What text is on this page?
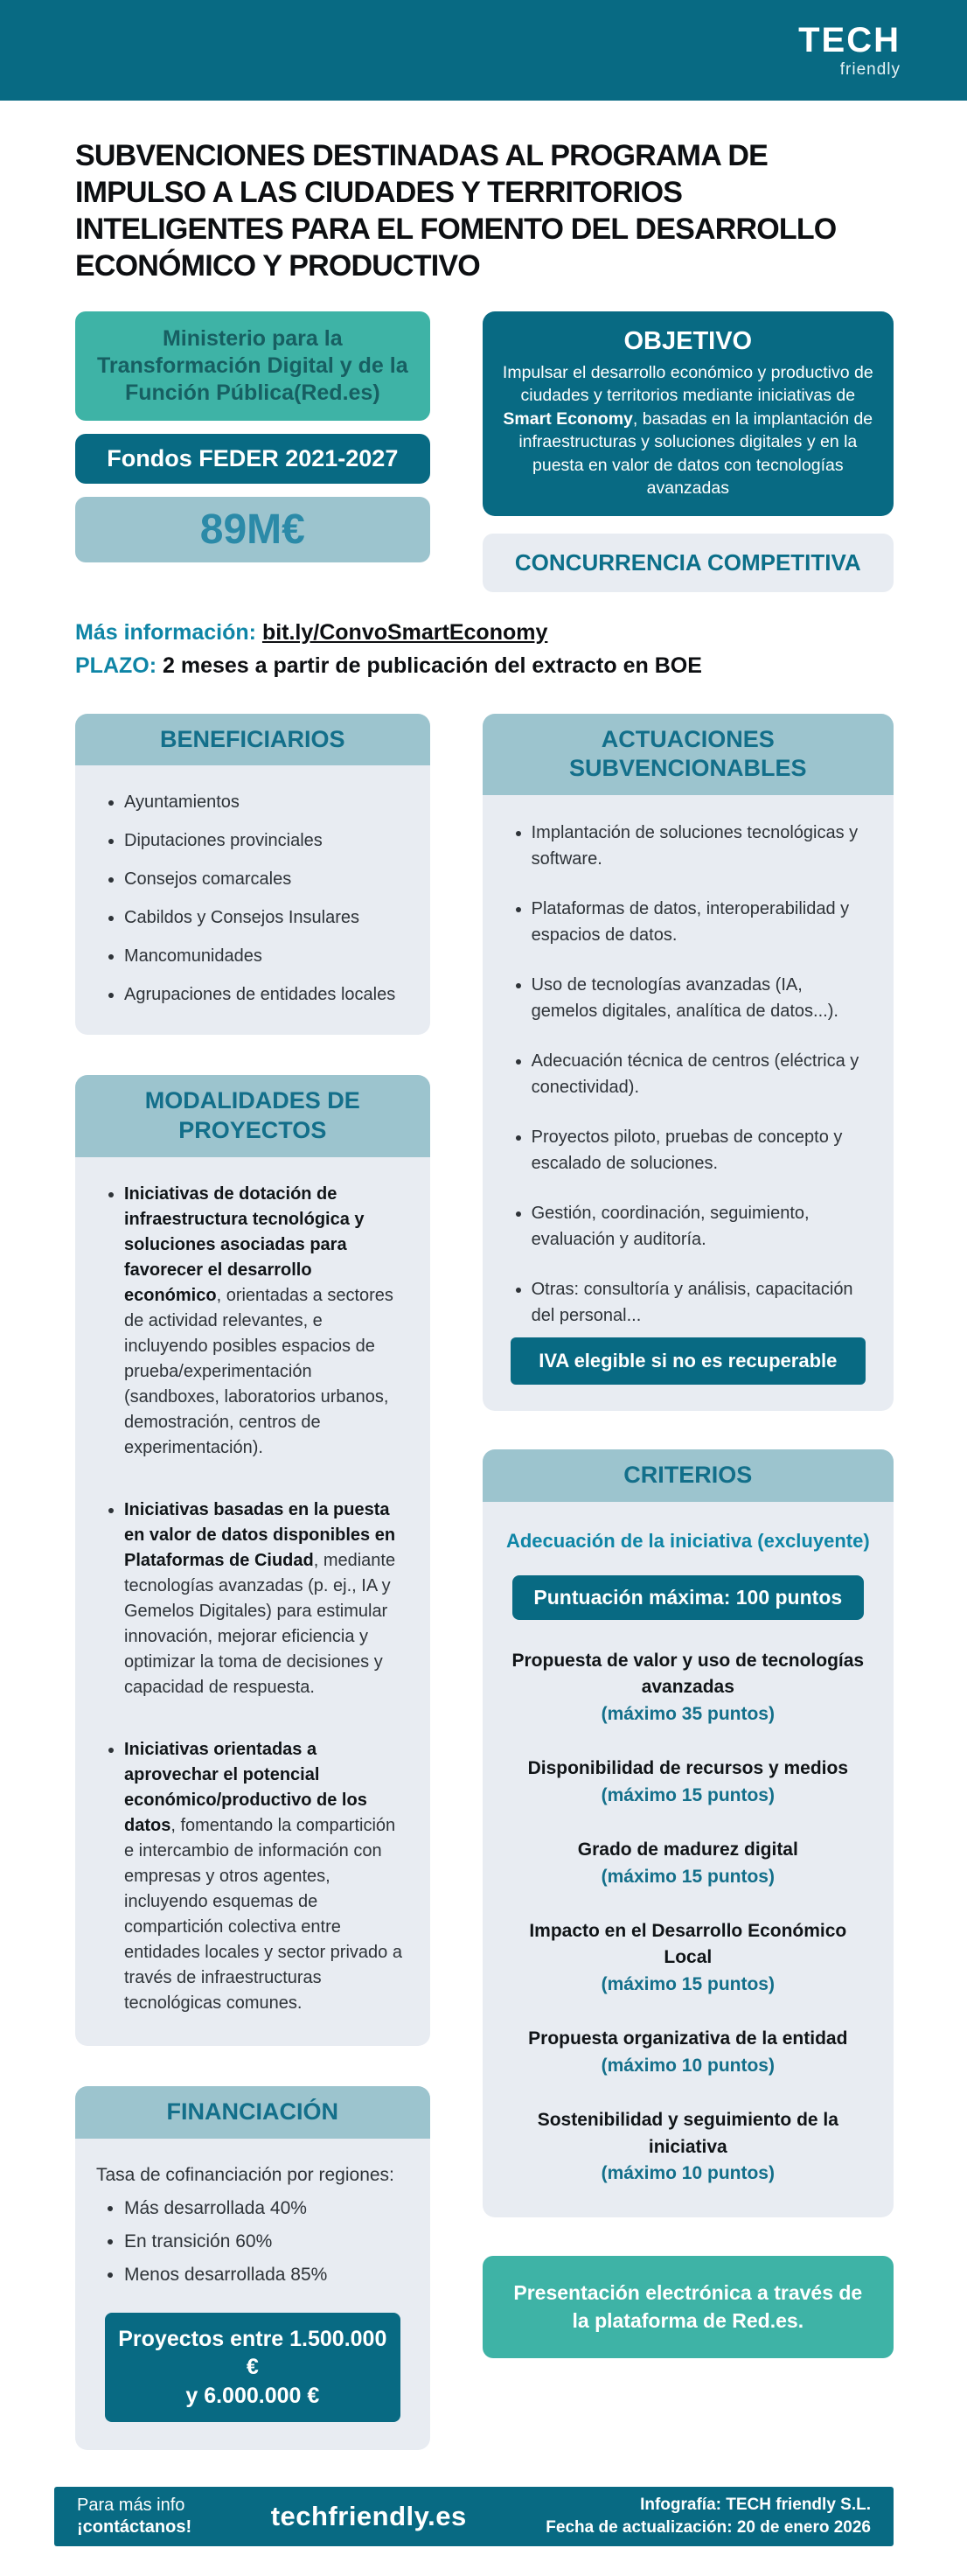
TECH
friendly
SUBVENCIONES DESTINADAS AL PROGRAMA DE IMPULSO A LAS CIUDADES Y TERRITORIOS INTELIGENTES PARA EL FOMENTO DEL DESARROLLO ECONÓMICO Y PRODUCTIVO
Ministerio para la Transformación Digital y de la Función Pública(Red.es)
Fondos FEDER 2021-2027
89M€
OBJETIVO

Impulsar el desarrollo económico y productivo de ciudades y territorios mediante iniciativas de Smart Economy, basadas en la implantación de infraestructuras y soluciones digitales y en la puesta en valor de datos con tecnologías avanzadas

CONCURRENCIA COMPETITIVA

Más información: bit.ly/ConvoSmartEconomy

PLAZO: 2 meses a partir de publicación del extracto en BOE

BENEFICIARIOS
• Ayuntamientos
• Diputaciones provinciales
• Consejos comarcales
• Cabildos y Consejos Insulares
• Mancomunidades
• Agrupaciones de entidades locales
MODALIDADES DE PROYECTOS
• Iniciativas de dotación de infraestructura tecnológica y soluciones asociadas para favorecer el desarrollo económico, orientadas a sectores de actividad relevantes, e incluyendo posibles espacios de prueba/experimentación (sandboxes, laboratorios urbanos, demostración, centros de experimentación).
• Iniciativas basadas en la puesta en valor de datos disponibles en Plataformas de Ciudad, mediante tecnologías avanzadas (p. ej., IA y Gemelos Digitales) para estimular innovación, mejorar eficiencia y optimizar la toma de decisiones y capacidad de respuesta.
• Iniciativas orientadas a aprovechar el potencial económico/productivo de los datos, fomentando la compartición e intercambio de información con empresas y otros agentes, incluyendo esquemas de compartición colectiva entre entidades locales y sector privado a través de infraestructuras tecnológicas comunes.
FINANCIACIÓN

Tasa de cofinanciación por regiones:

• Más desarrollada 40%
• En transición 60%
• Menos desarrollada 85%
Proyectos entre 1.500.000 €
y 6.000.000 €
ACTUACIONES SUBVENCIONABLES
• Implantación de soluciones tecnológicas y software.
• Plataformas de datos, interoperabilidad y espacios de datos.
• Uso de tecnologías avanzadas (IA, gemelos digitales, analítica de datos...).
• Adecuación técnica de centros (eléctrica y conectividad).
• Proyectos piloto, pruebas de concepto y escalado de soluciones.
• Gestión, coordinación, seguimiento, evaluación y auditoría.
• Otras: consultoría y análisis, capacitación del personal...
IVA elegible si no es recuperable
CRITERIOS
Adecuación de la iniciativa (excluyente)
Puntuación máxima: 100 puntos
Propuesta de valor y uso de tecnologías avanzadas
(máximo 35 puntos)
Disponibilidad de recursos y medios
(máximo 15 puntos)
Grado de madurez digital
(máximo 15 puntos)
Impacto en el Desarrollo Económico Local
(máximo 15 puntos)
Propuesta organizativa de la entidad
(máximo 10 puntos)
Sostenibilidad y seguimiento de la iniciativa
(máximo 10 puntos)
Presentación electrónica a través de la plataforma de Red.es.
Para más info
¡contáctanos!	techfriendly.es	Infografía: TECH friendly S.L.
Fecha de actualización: 20 de enero 2026
